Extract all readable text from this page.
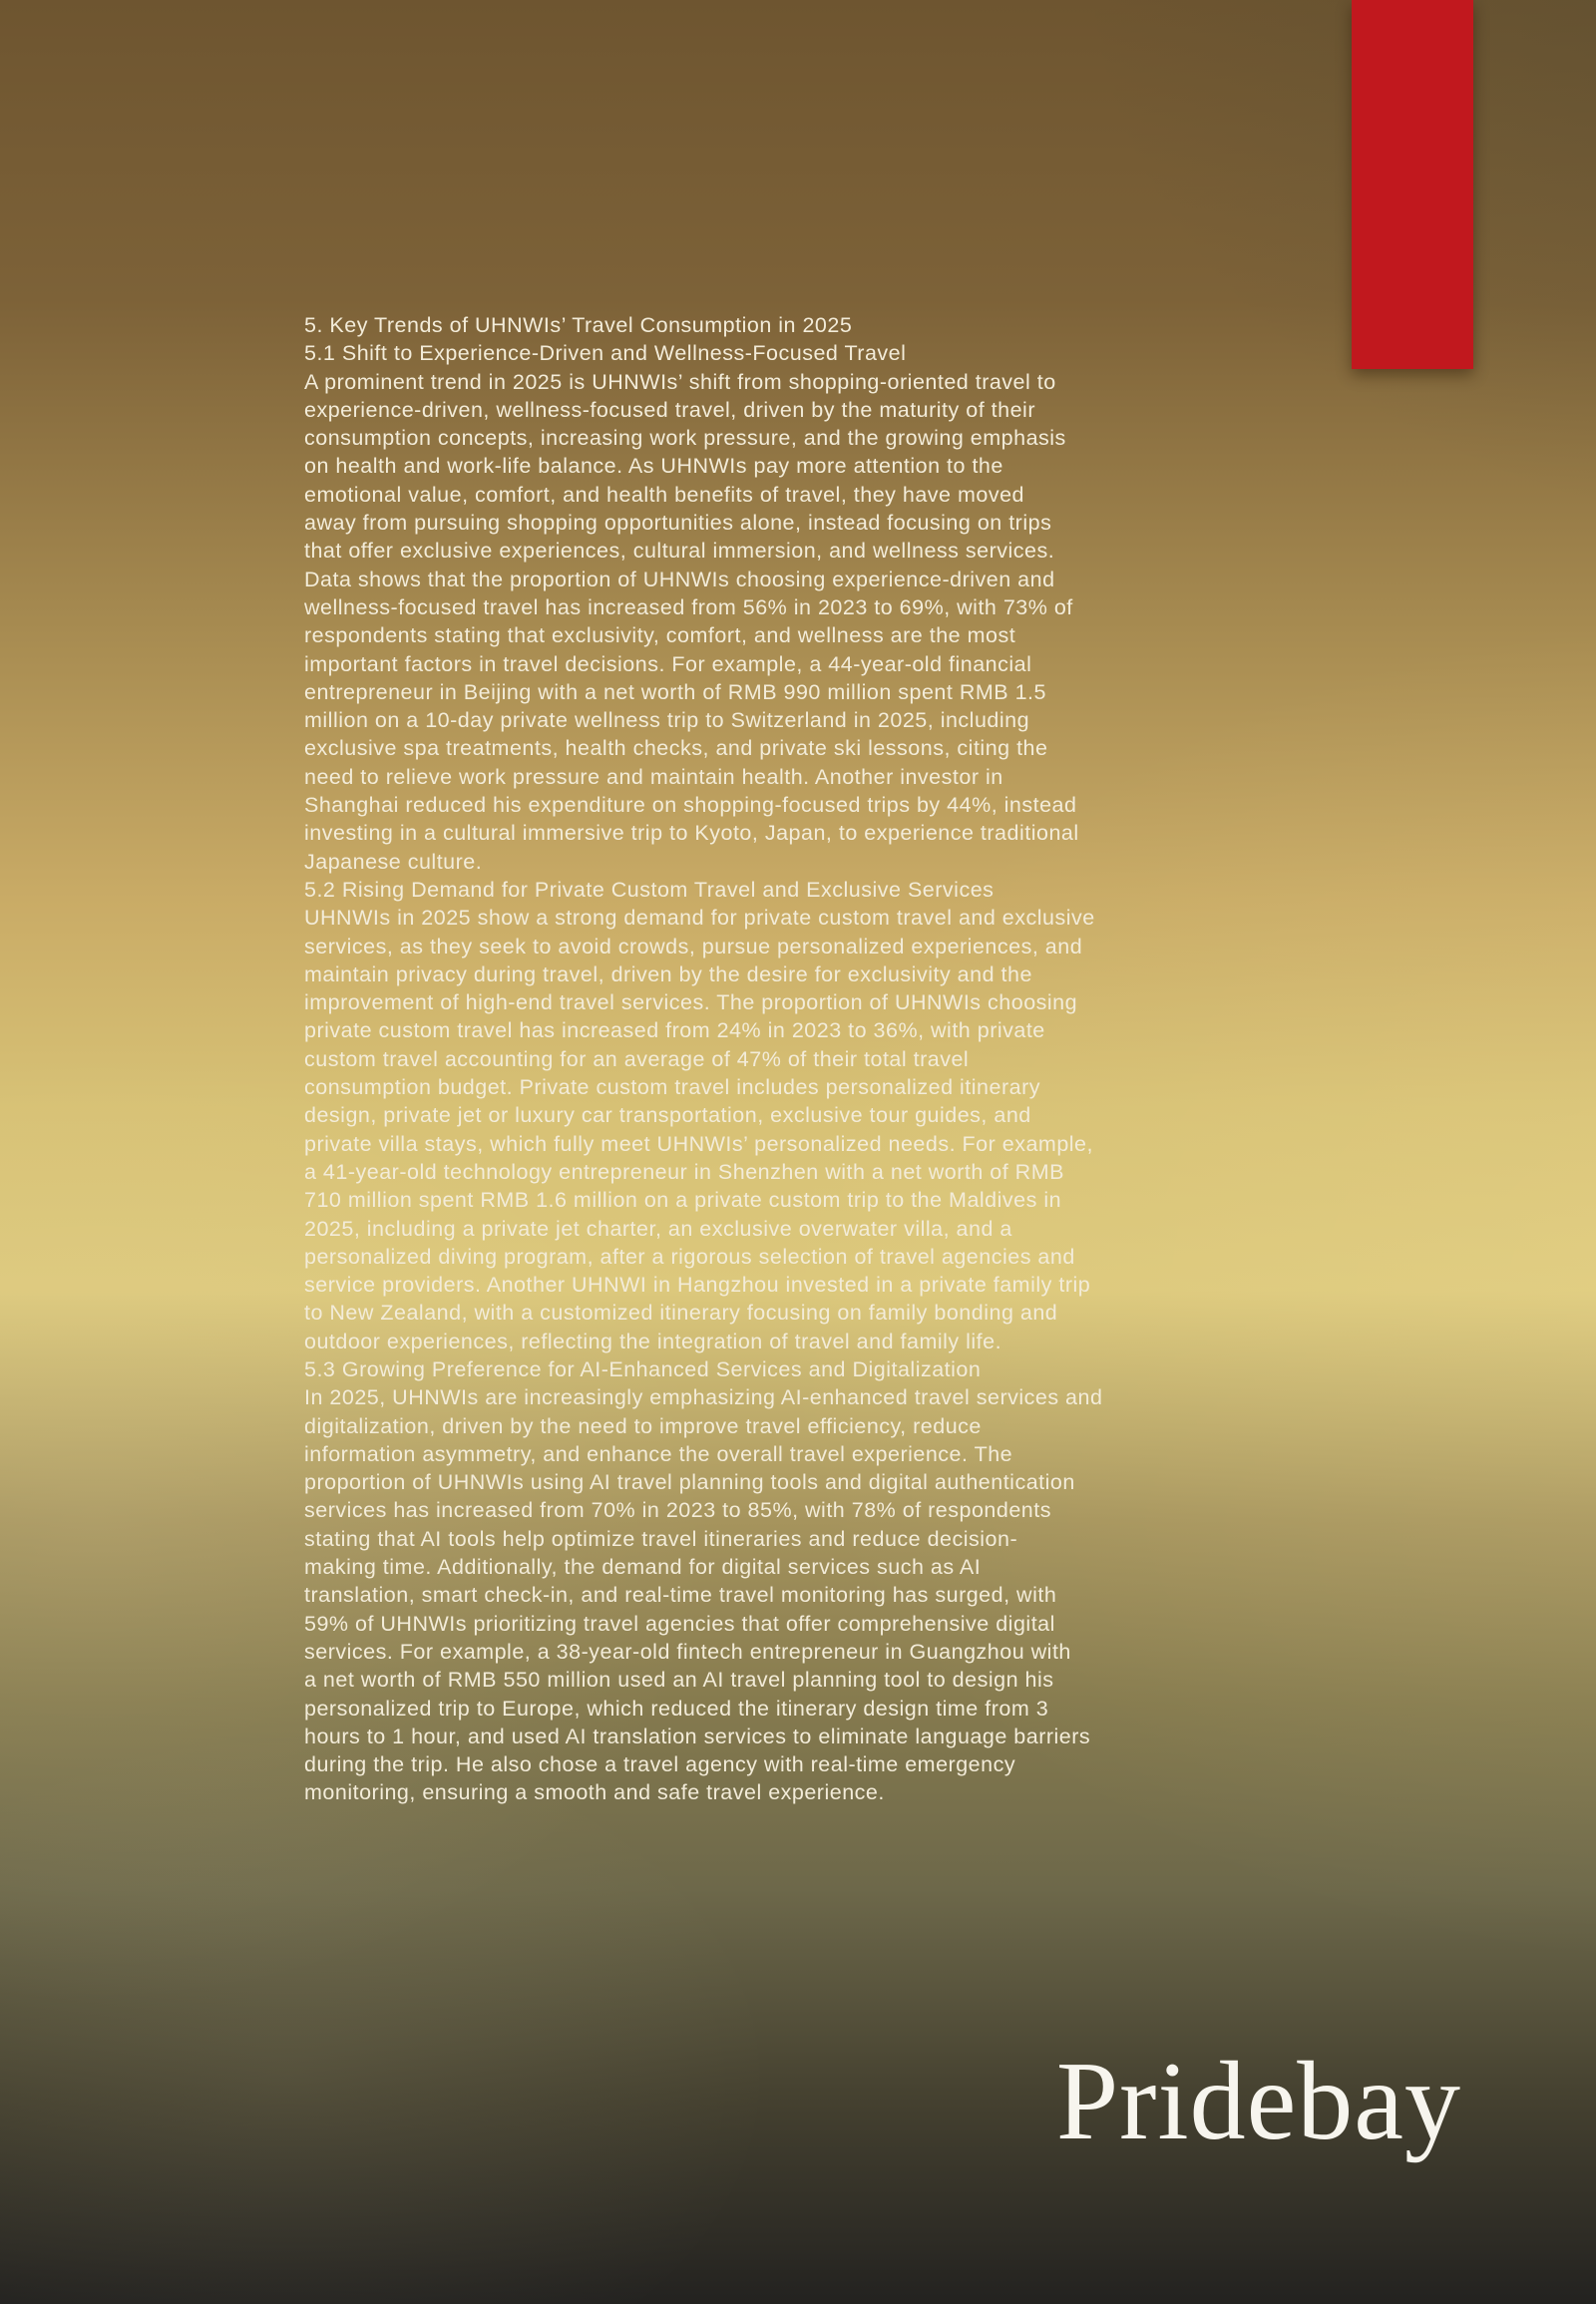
5. Key Trends of UHNWIs’ Travel Consumption in 2025
5.1 Shift to Experience-Driven and Wellness-Focused Travel
A prominent trend in 2025 is UHNWIs’ shift from shopping-oriented travel to
experience-driven, wellness-focused travel, driven by the maturity of their
consumption concepts, increasing work pressure, and the growing emphasis
on health and work-life balance. As UHNWIs pay more attention to the
emotional value, comfort, and health benefits of travel, they have moved
away from pursuing shopping opportunities alone, instead focusing on trips
that offer exclusive experiences, cultural immersion, and wellness services.
Data shows that the proportion of UHNWIs choosing experience-driven and
wellness-focused travel has increased from 56% in 2023 to 69%, with 73% of
respondents stating that exclusivity, comfort, and wellness are the most
important factors in travel decisions. For example, a 44-year-old financial
entrepreneur in Beijing with a net worth of RMB 990 million spent RMB 1.5
million on a 10-day private wellness trip to Switzerland in 2025, including
exclusive spa treatments, health checks, and private ski lessons, citing the
need to relieve work pressure and maintain health. Another investor in
Shanghai reduced his expenditure on shopping-focused trips by 44%, instead
investing in a cultural immersive trip to Kyoto, Japan, to experience traditional
Japanese culture.
5.2 Rising Demand for Private Custom Travel and Exclusive Services
UHNWIs in 2025 show a strong demand for private custom travel and exclusive
services, as they seek to avoid crowds, pursue personalized experiences, and
maintain privacy during travel, driven by the desire for exclusivity and the
improvement of high-end travel services. The proportion of UHNWIs choosing
private custom travel has increased from 24% in 2023 to 36%, with private
custom travel accounting for an average of 47% of their total travel
consumption budget. Private custom travel includes personalized itinerary
design, private jet or luxury car transportation, exclusive tour guides, and
private villa stays, which fully meet UHNWIs’ personalized needs. For example,
a 41-year-old technology entrepreneur in Shenzhen with a net worth of RMB
710 million spent RMB 1.6 million on a private custom trip to the Maldives in
2025, including a private jet charter, an exclusive overwater villa, and a
personalized diving program, after a rigorous selection of travel agencies and
service providers. Another UHNWI in Hangzhou invested in a private family trip
to New Zealand, with a customized itinerary focusing on family bonding and
outdoor experiences, reflecting the integration of travel and family life.
5.3 Growing Preference for AI-Enhanced Services and Digitalization
In 2025, UHNWIs are increasingly emphasizing AI-enhanced travel services and
digitalization, driven by the need to improve travel efficiency, reduce
information asymmetry, and enhance the overall travel experience. The
proportion of UHNWIs using AI travel planning tools and digital authentication
services has increased from 70% in 2023 to 85%, with 78% of respondents
stating that AI tools help optimize travel itineraries and reduce decision-
making time. Additionally, the demand for digital services such as AI
translation, smart check-in, and real-time travel monitoring has surged, with
59% of UHNWIs prioritizing travel agencies that offer comprehensive digital
services. For example, a 38-year-old fintech entrepreneur in Guangzhou with
a net worth of RMB 550 million used an AI travel planning tool to design his
personalized trip to Europe, which reduced the itinerary design time from 3
hours to 1 hour, and used AI translation services to eliminate language barriers
during the trip. He also chose a travel agency with real-time emergency
monitoring, ensuring a smooth and safe travel experience.
Pridebay
